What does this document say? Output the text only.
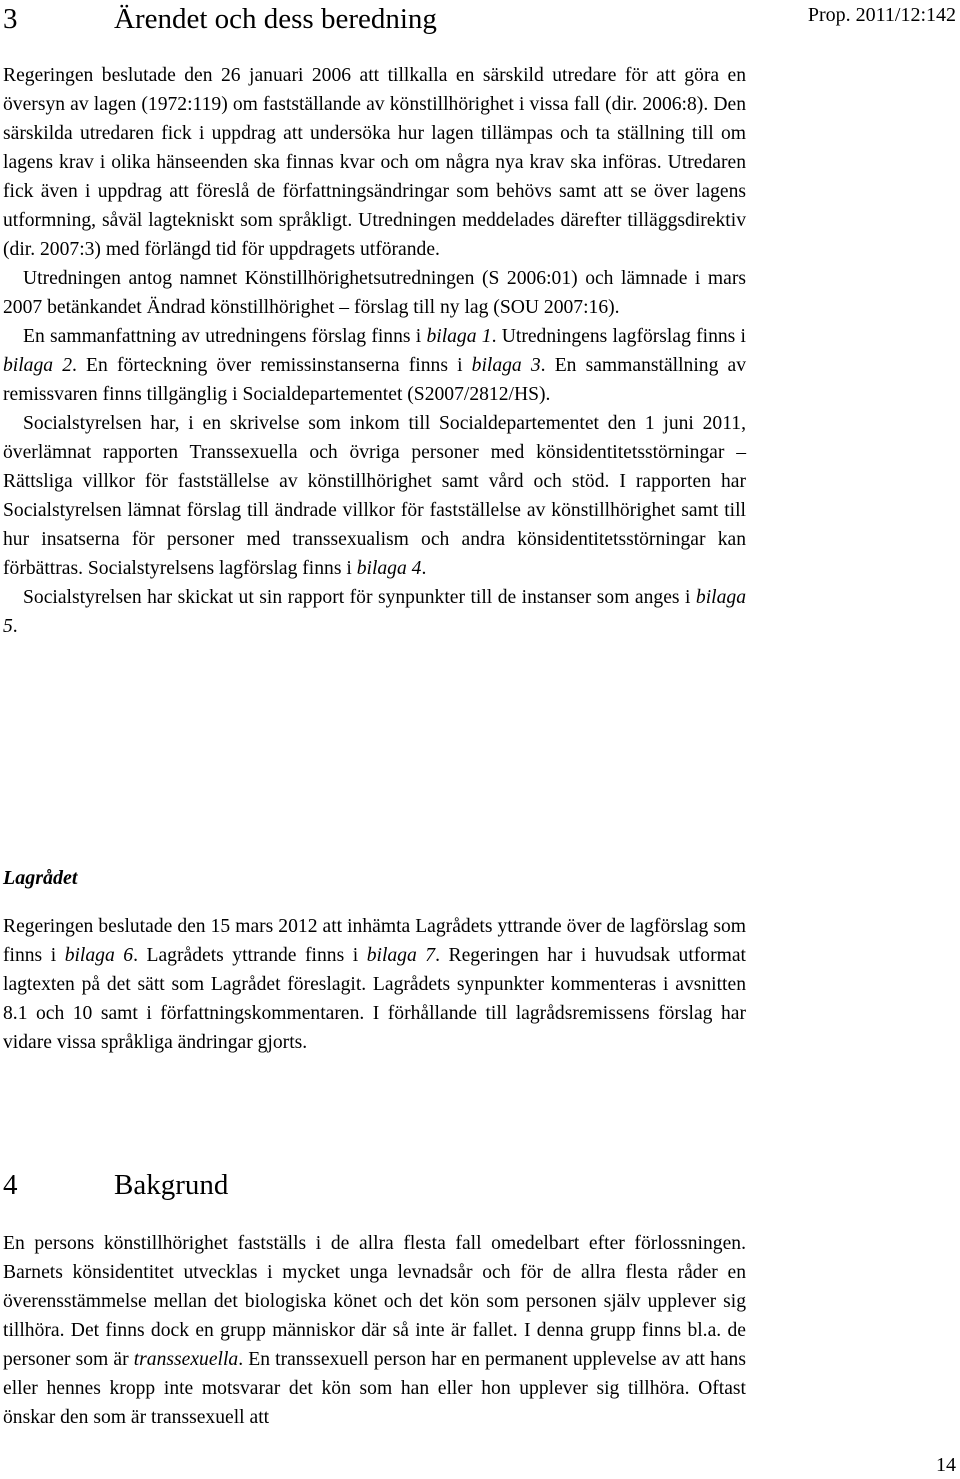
Prop. 2011/12:142
3	Ärendet och dess beredning

Regeringen beslutade den 26 januari 2006 att tillkalla en särskild utredare för att göra en översyn av lagen (1972:119) om fastställande av könstillhörighet i vissa fall (dir. 2006:8). Den särskilda utredaren fick i uppdrag att undersöka hur lagen tillämpas och ta ställning till om lagens krav i olika hänseenden ska finnas kvar och om några nya krav ska införas. Utredaren fick även i uppdrag att föreslå de författningsändringar som behövs samt att se över lagens utformning, såväl lagtekniskt som språkligt. Utredningen meddelades därefter tilläggsdirektiv (dir. 2007:3) med förlängd tid för uppdragets utförande.

Utredningen antog namnet Könstillhörighetsutredningen (S 2006:01) och lämnade i mars 2007 betänkandet Ändrad könstillhörighet – förslag till ny lag (SOU 2007:16).

En sammanfattning av utredningens förslag finns i bilaga 1. Utredningens lagförslag finns i bilaga 2. En förteckning över remissinstanserna finns i bilaga 3. En sammanställning av remissvaren finns tillgänglig i Socialdepartementet (S2007/2812/HS).

Socialstyrelsen har, i en skrivelse som inkom till Socialdepartementet den 1 juni 2011, överlämnat rapporten Transsexuella och övriga personer med könsidentitetsstörningar – Rättsliga villkor för fastställelse av könstillhörighet samt vård och stöd. I rapporten har Socialstyrelsen lämnat förslag till ändrade villkor för fastställelse av könstillhörighet samt till hur insatserna för personer med transsexualism och andra könsidentitetsstörningar kan förbättras. Socialstyrelsens lagförslag finns i bilaga 4.

Socialstyrelsen har skickat ut sin rapport för synpunkter till de instanser som anges i bilaga 5.

Lagrådet

Regeringen beslutade den 15 mars 2012 att inhämta Lagrådets yttrande över de lagförslag som finns i bilaga 6. Lagrådets yttrande finns i bilaga 7. Regeringen har i huvudsak utformat lagtexten på det sätt som Lagrådet föreslagit. Lagrådets synpunkter kommenteras i avsnitten 8.1 och 10 samt i författningskommentaren. I förhållande till lagrådsremissens förslag har vidare vissa språkliga ändringar gjorts.

4	Bakgrund

En persons könstillhörighet fastställs i de allra flesta fall omedelbart efter förlossningen. Barnets könsidentitet utvecklas i mycket unga levnadsår och för de allra flesta råder en överensstämmelse mellan det biologiska könet och det kön som personen själv upplever sig tillhöra. Det finns dock en grupp människor där så inte är fallet. I denna grupp finns bl.a. de personer som är transsexuella. En transsexuell person har en permanent upplevelse av att hans eller hennes kropp inte motsvarar det kön som han eller hon upplever sig tillhöra. Oftast önskar den som är transsexuell att

14
